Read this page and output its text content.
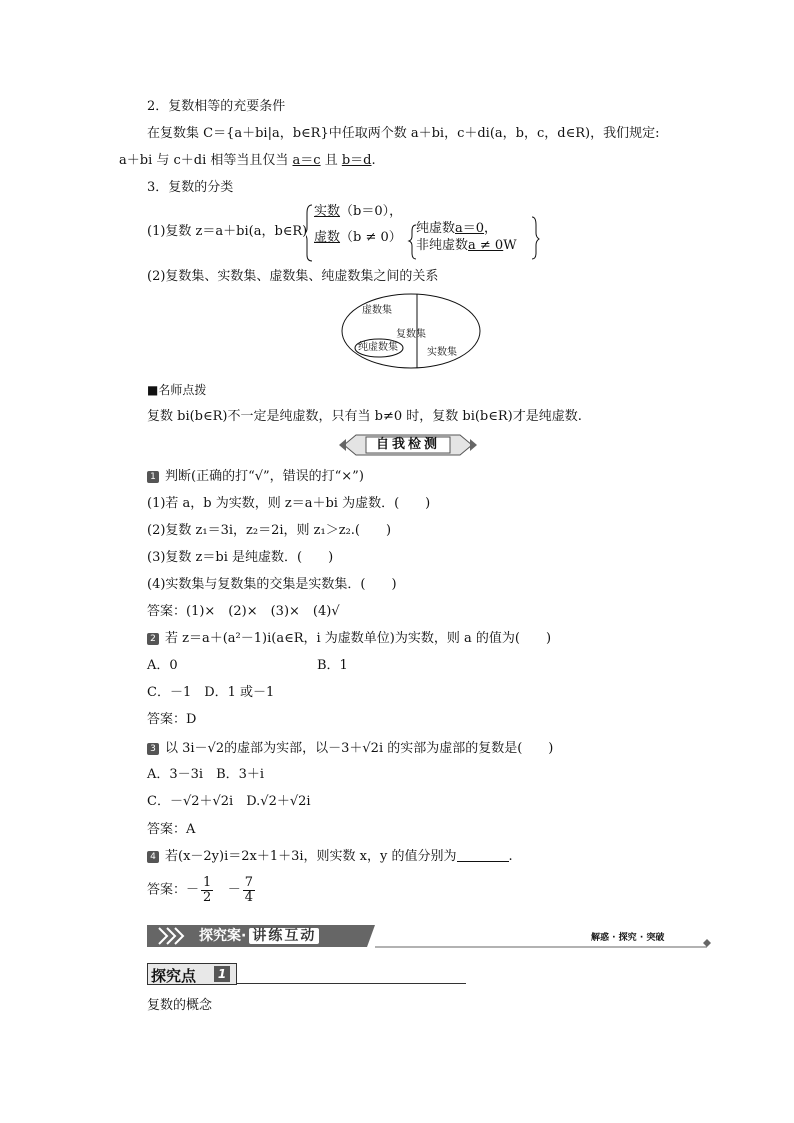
2．复数相等的充要条件
在复数集 C＝{a＋bi|a，b∈R}中任取两个数 a＋bi，c＋di(a，b，c，d∈R)，我们规定:
a＋bi 与 c＋di 相等当且仅当 a＝c 且 b＝d.
3．复数的分类
(1)复数 z＝a＋bi(a，b∈R)
实数（b＝0），
虚数（b ≠ 0）
纯虚数a＝0，
非纯虚数a ≠ 0W
(2)复数集、实数集、虚数集、纯虚数集之间的关系
虚数集
复数集
纯虚数集	实数集
■名师点拨
复数 bi(b∈R)不一定是纯虚数，只有当 b≠0 时，复数 bi(b∈R)才是纯虚数.
自我检测
1 判断(正确的打“√”，错误的打“×”)
(1)若 a，b 为实数，则 z＝a＋bi 为虚数．(　　)
(2)复数 z₁＝3i，z₂＝2i，则 z₁＞z₂.(　　)
(3)复数 z＝bi 是纯虚数．(　　)
(4)实数集与复数集的交集是实数集．(　　)
答案：(1)×　(2)×　(3)×　(4)√
2 若 z＝a＋(a²－1)i(a∈R，i 为虚数单位)为实数，则 a 的值为(　　)
A．0	B．1
C．－1　D．1 或－1
答案：D
3 以 3i－√2的虚部为实部，以－3＋√2i 的实部为虚部的复数是(　　)
A．3－3i　B．3＋i
C．－√2＋√2i　D.√2＋√2i
答案：A
4 若(x－2y)i＝2x＋1＋3i，则实数 x，y 的值分别为	.
答案：－ $\frac{1}{2} - \frac{7}{4}$
探究案· 讲练互动	解惑 · 探究 · 突破
探究点	1
复数的概念
